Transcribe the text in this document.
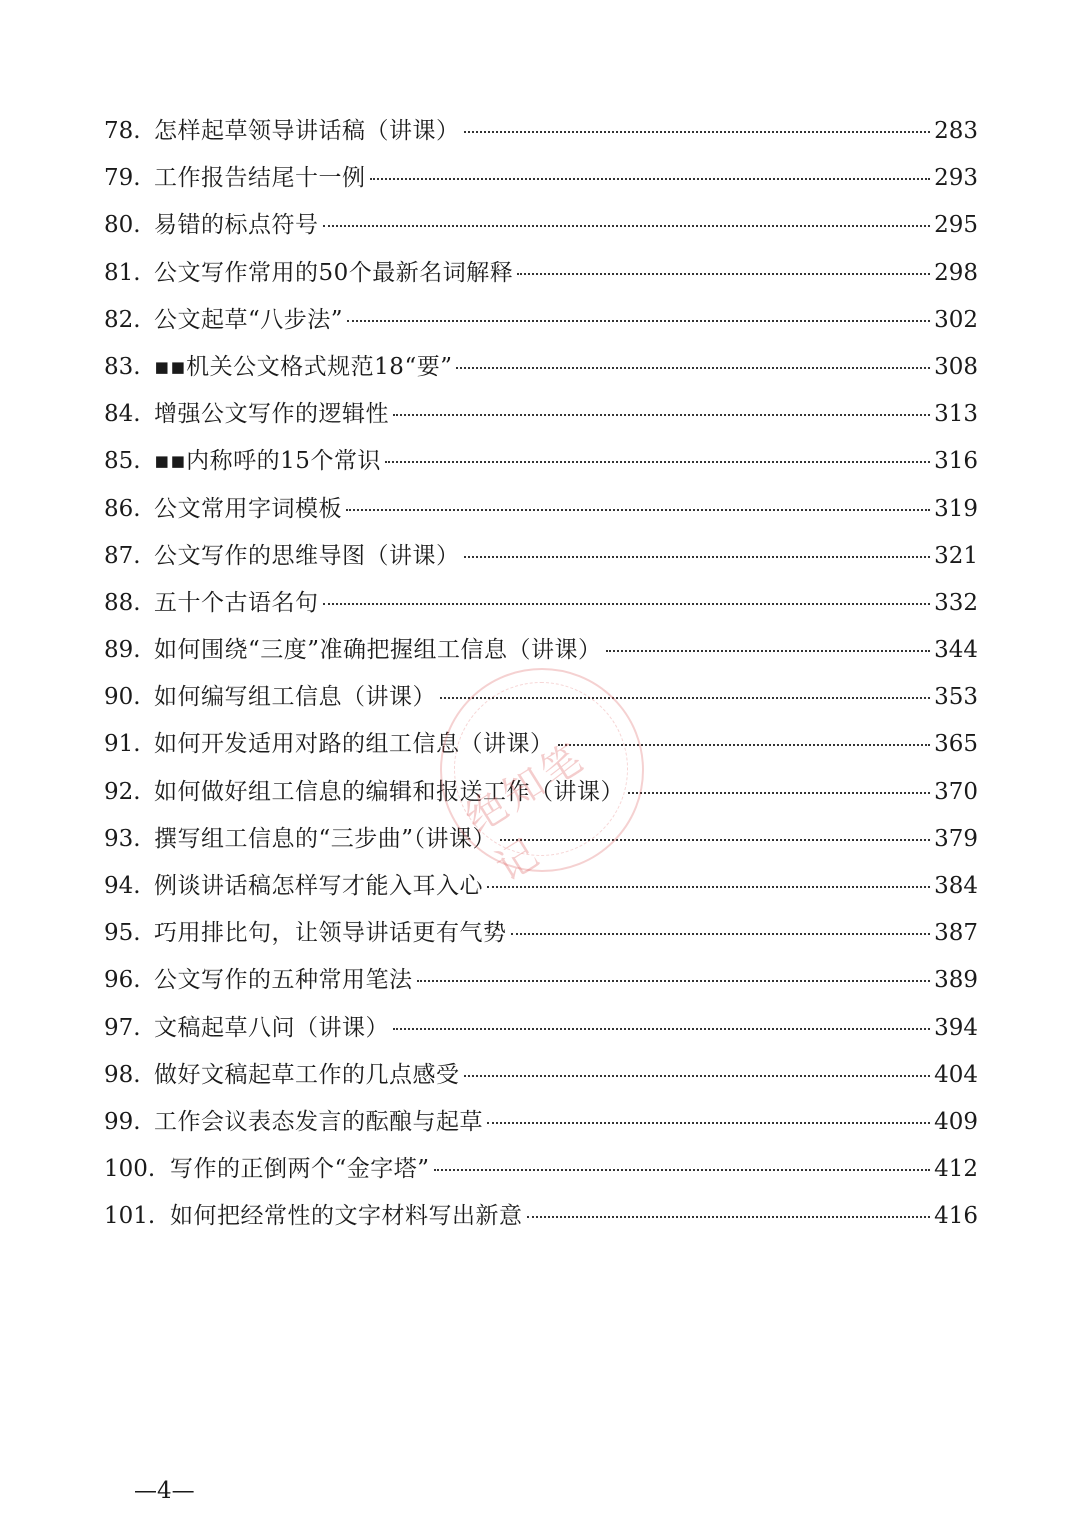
78. 怎样起草领导讲话稿（讲课）	283
79. 工作报告结尾十一例	293
80. 易错的标点符号	295
81. 公文写作常用的50个最新名词解释	298
82. 公文起草“八步法”	302
83. ▪▪机关公文格式规范18“要”	308
84. 增强公文写作的逻辑性	313
85. ▪▪内称呼的15个常识	316
86. 公文常用字词模板	319
87. 公文写作的思维导图（讲课）	321
88. 五十个古语名句	332
89. 如何围绕“三度”准确把握组工信息（讲课）	344
90. 如何编写组工信息（讲课）	353
91. 如何开发适用对路的组工信息（讲课）	365
92. 如何做好组工信息的编辑和报送工作（讲课）	370
93. 撰写组工信息的“三步曲”（讲课）	379
94. 例谈讲话稿怎样写才能入耳入心	384
95. 巧用排比句，让领导讲话更有气势	387
96. 公文写作的五种常用笔法	389
97. 文稿起草八问（讲课）	394
98. 做好文稿起草工作的几点感受	404
99. 工作会议表态发言的酝酿与起草	409
100. 写作的正倒两个“金字塔”	412
101. 如何把经常性的文字材料写出新意	416
绝知笔记
—4—
